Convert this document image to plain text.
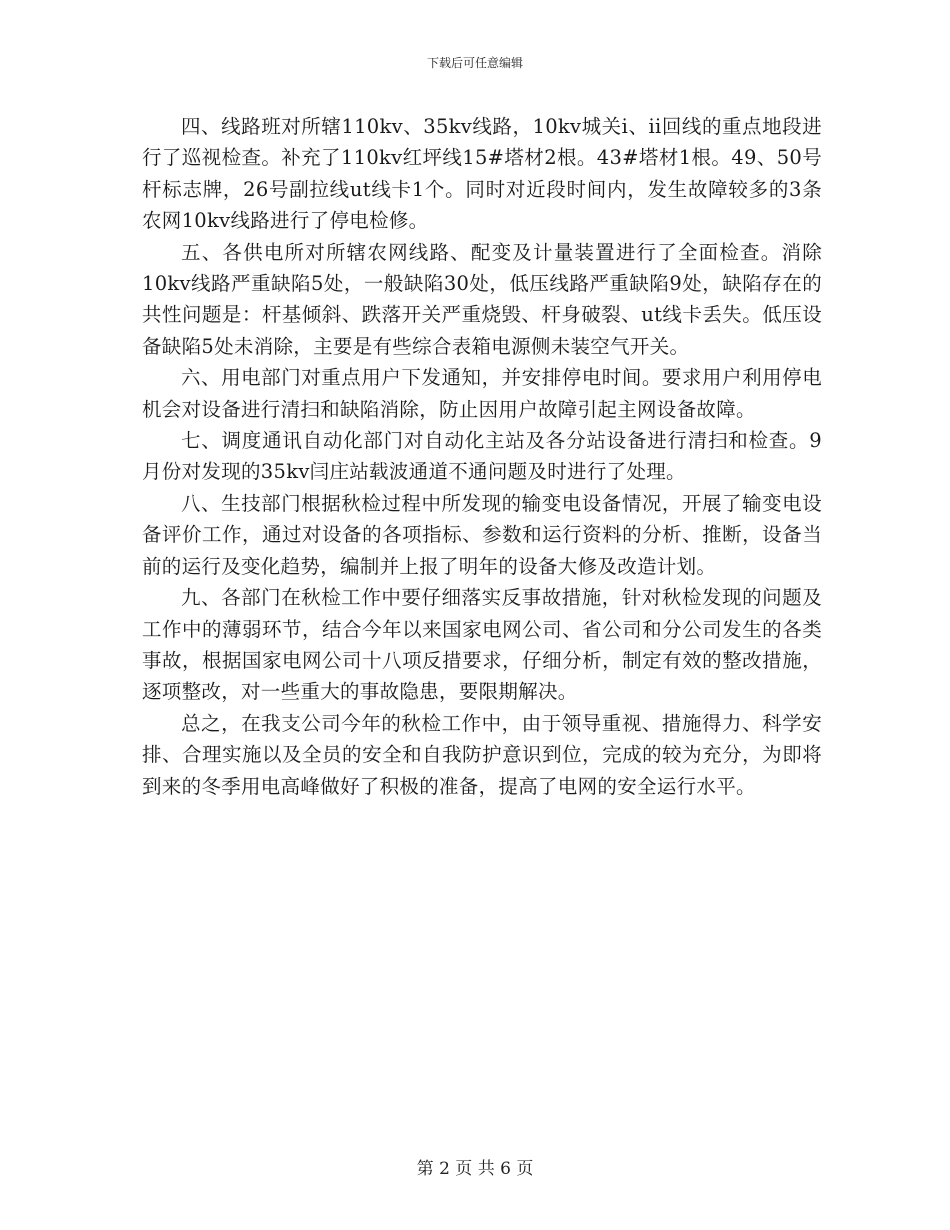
下载后可任意编辑

四、线路班对所辖110kv、35kv线路，10kv城关i、ii回线的重点地段进行了巡视检查。补充了110kv红坪线15#塔材2根。43#塔材1根。49、50号杆标志牌，26号副拉线ut线卡1个。同时对近段时间内，发生故障较多的3条农网10kv线路进行了停电检修。

五、各供电所对所辖农网线路、配变及计量装置进行了全面检查。消除10kv线路严重缺陷5处，一般缺陷30处，低压线路严重缺陷9处，缺陷存在的共性问题是：杆基倾斜、跌落开关严重烧毁、杆身破裂、ut线卡丢失。低压设备缺陷5处未消除，主要是有些综合表箱电源侧未装空气开关。

六、用电部门对重点用户下发通知，并安排停电时间。要求用户利用停电机会对设备进行清扫和缺陷消除，防止因用户故障引起主网设备故障。

七、调度通讯自动化部门对自动化主站及各分站设备进行清扫和检查。9月份对发现的35kv闫庄站载波通道不通问题及时进行了处理。

八、生技部门根据秋检过程中所发现的输变电设备情况，开展了输变电设备评价工作，通过对设备的各项指标、参数和运行资料的分析、推断，设备当前的运行及变化趋势，编制并上报了明年的设备大修及改造计划。

九、各部门在秋检工作中要仔细落实反事故措施，针对秋检发现的问题及工作中的薄弱环节，结合今年以来国家电网公司、省公司和分公司发生的各类事故，根据国家电网公司十八项反措要求，仔细分析，制定有效的整改措施，逐项整改，对一些重大的事故隐患，要限期解决。

总之，在我支公司今年的秋检工作中，由于领导重视、措施得力、科学安排、合理实施以及全员的安全和自我防护意识到位，完成的较为充分，为即将到来的冬季用电高峰做好了积极的准备，提高了电网的安全运行水平。

第 2 页 共 6 页
